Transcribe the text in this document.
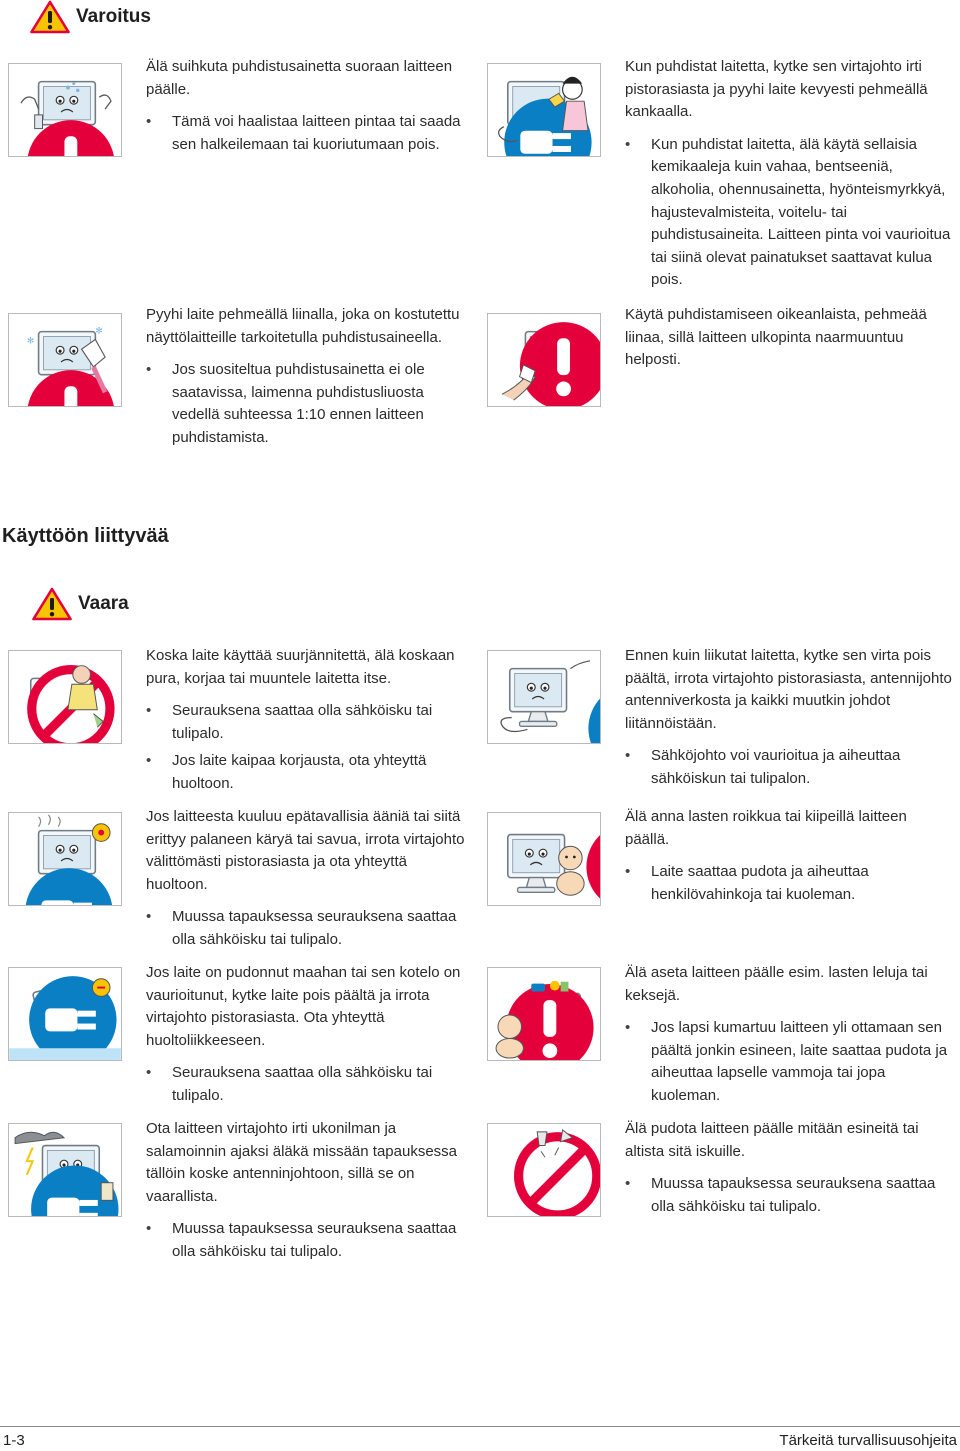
Varoitus

Älä suihkuta puhdistusainetta suoraan laitteen päälle.

• Tämä voi haalistaa laitteen pintaa tai saada sen halkeilemaan tai kuoriutumaan pois.

Kun puhdistat laitetta, kytke sen virtajohto irti pistorasiasta ja pyyhi laite kevyesti pehmeällä kankaalla.

• Kun puhdistat laitetta, älä käytä sellaisia kemikaaleja kuin vahaa, bentseeniä, alkoholia, ohennusainetta, hyönteismyrkkyä, hajustevalmisteita, voitelu- tai puhdistusaineita. Laitteen pinta voi vaurioitua tai siinä olevat painatukset saattavat kulua pois.
✻
✻

Pyyhi laite pehmeällä liinalla, joka on kostutettu näyttölaitteille tarkoitetulla puhdistusaineella.

• Jos suositeltua puhdistusainetta ei ole saatavissa, laimenna puhdistusliuosta vedellä suhteessa 1:10 ennen laitteen puhdistamista.

Käytä puhdistamiseen oikeanlaista, pehmeää liinaa, sillä laitteen ulkopinta naarmuuntuu helposti.

Käyttöön liittyvää
Vaara

Koska laite käyttää suurjännitettä, älä koskaan pura, korjaa tai muuntele laitetta itse.

• Seurauksena saattaa olla sähköisku tai tulipalo.
• Jos laite kaipaa korjausta, ota yhteyttä huoltoon.

Ennen kuin liikutat laitetta, kytke sen virta pois päältä, irrota virtajohto pistorasiasta, antennijohto antenniverkosta ja kaikki muutkin johdot liitännöistään.

• Sähköjohto voi vaurioitua ja aiheuttaa sähköiskun tai tulipalon.

Jos laitteesta kuuluu epätavallisia ääniä tai siitä erittyy palaneen käryä tai savua, irrota virtajohto välittömästi pistorasiasta ja ota yhteyttä huoltoon.

• Muussa tapauksessa seurauksena saattaa olla sähköisku tai tulipalo.

Älä anna lasten roikkua tai kiipeillä laitteen päällä.

• Laite saattaa pudota ja aiheuttaa henkilövahinkoja tai kuoleman.

Jos laite on pudonnut maahan tai sen kotelo on vaurioitunut, kytke laite pois päältä ja irrota virtajohto pistorasiasta. Ota yhteyttä huoltoliikkeeseen.

• Seurauksena saattaa olla sähköisku tai tulipalo.

Älä aseta laitteen päälle esim. lasten leluja tai keksejä.

• Jos lapsi kumartuu laitteen yli ottamaan sen päältä jonkin esineen, laite saattaa pudota ja aiheuttaa lapselle vammoja tai jopa kuoleman.

Ota laitteen virtajohto irti ukonilman ja salamoinnin ajaksi äläkä missään tapauksessa tällöin koske antenninjohtoon, sillä se on vaarallista.

• Muussa tapauksessa seurauksena saattaa olla sähköisku tai tulipalo.

Älä pudota laitteen päälle mitään esineitä tai altista sitä iskuille.

• Muussa tapauksessa seurauksena saattaa olla sähköisku tai tulipalo.
1-3	Tärkeitä turvallisuusohjeita
